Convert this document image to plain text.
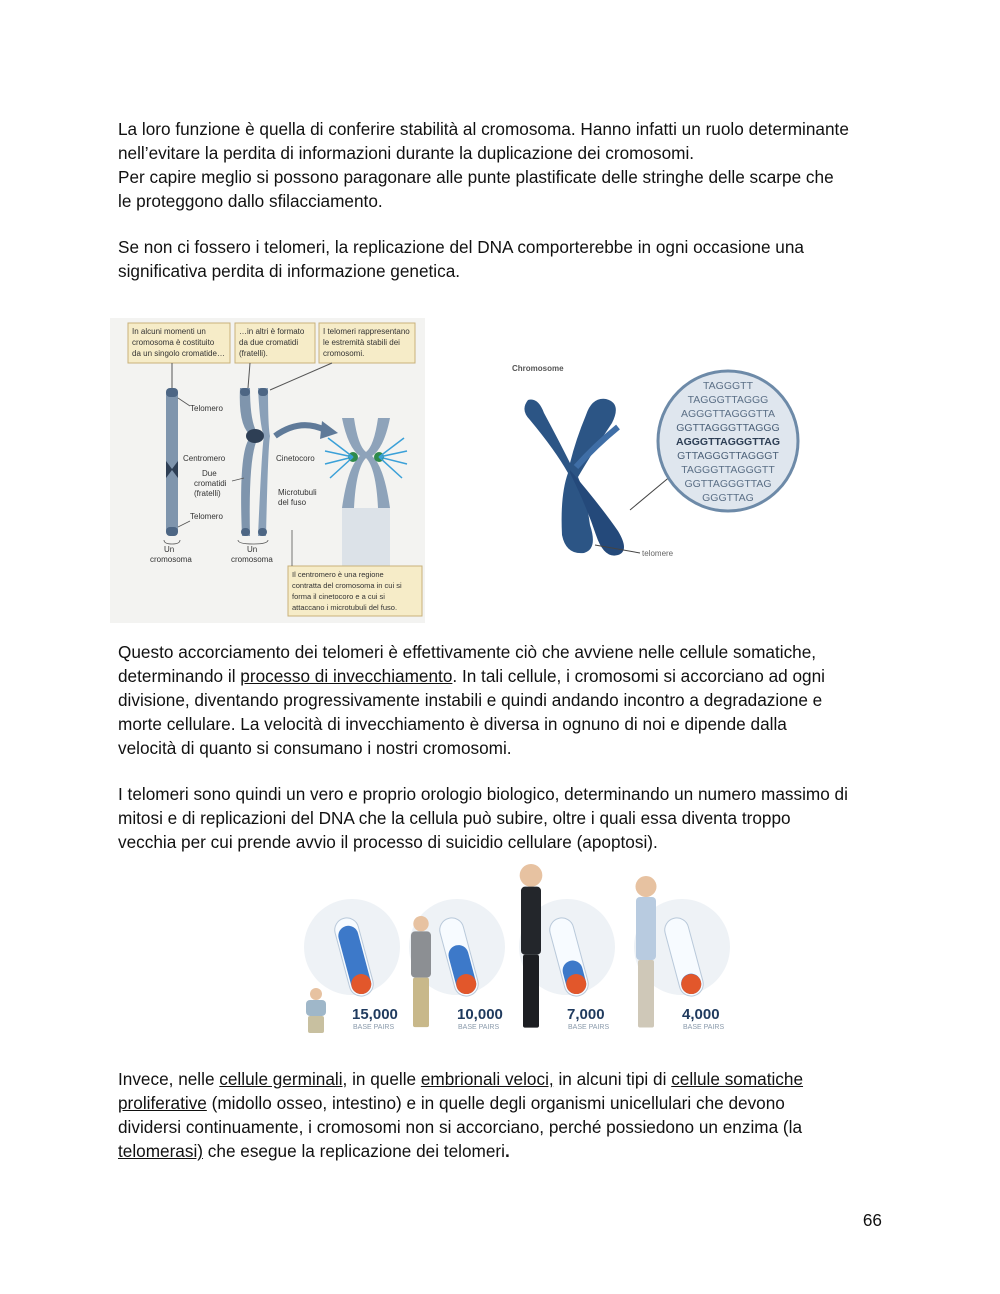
La loro funzione è quella di conferire stabilità al cromosoma. Hanno infatti un ruolo determinante
nell’evitare la perdita di informazioni durante la duplicazione dei cromosomi.
Per capire meglio si possono paragonare alle punte plastificate delle stringhe delle scarpe che
le proteggono dallo sfilacciamento.
Se non ci fossero i telomeri, la replicazione del DNA comporterebbe in ogni occasione una
significativa perdita di informazione genetica.
In alcuni momenti un
cromosoma è costituito
da un singolo cromatide…
…in altri è formato
da due cromatidi
(fratelli).
I telomeri rappresentano
le estremità stabili dei
cromosomi.
Telomero
Centromero
Due
cromatidi
(fratelli)
Telomero
Cinetocoro
Microtubuli
del fuso
Un
cromosoma
Un
cromosoma
Il centromero è una regione
contratta del cromosoma in cui si
forma il cinetocoro e a cui si
attaccano i microtubuli del fuso.
Chromosome
telomere
TAGGGTT
TAGGGTTAGGG
AGGGTTAGGGTTA
GGTTAGGGTTAGGG
AGGGTTAGGGTTAG
GTTAGGGTTAGGGT
TAGGGTTAGGGTT
GGTTAGGGTTAG
GGGTTAG
Questo accorciamento dei telomeri è effettivamente ciò che avviene nelle cellule somatiche,
determinando il processo di invecchiamento. In tali cellule, i cromosomi si accorciano ad ogni
divisione, diventando progressivamente instabili e quindi andando incontro a degradazione e
morte cellulare. La velocità di invecchiamento è diversa in ognuno di noi e dipende dalla
velocità di quanto si consumano i nostri cromosomi.
I telomeri sono quindi un vero e proprio orologio biologico, determinando un numero massimo di
mitosi e di replicazioni del DNA che la cellula può subire, oltre i quali essa diventa troppo
vecchia per cui prende avvio il processo di suicidio cellulare (apoptosi).
15,000
BASE PAIRS
10,000
BASE PAIRS
7,000
BASE PAIRS
4,000
BASE PAIRS
Invece, nelle cellule germinali, in quelle embrionali veloci, in alcuni tipi di cellule somatiche
proliferative (midollo osseo, intestino) e in quelle degli organismi unicellulari che devono
dividersi continuamente, i cromosomi non si accorciano, perché possiedono un enzima (la
telomerasi) che esegue la replicazione dei telomeri.
66
